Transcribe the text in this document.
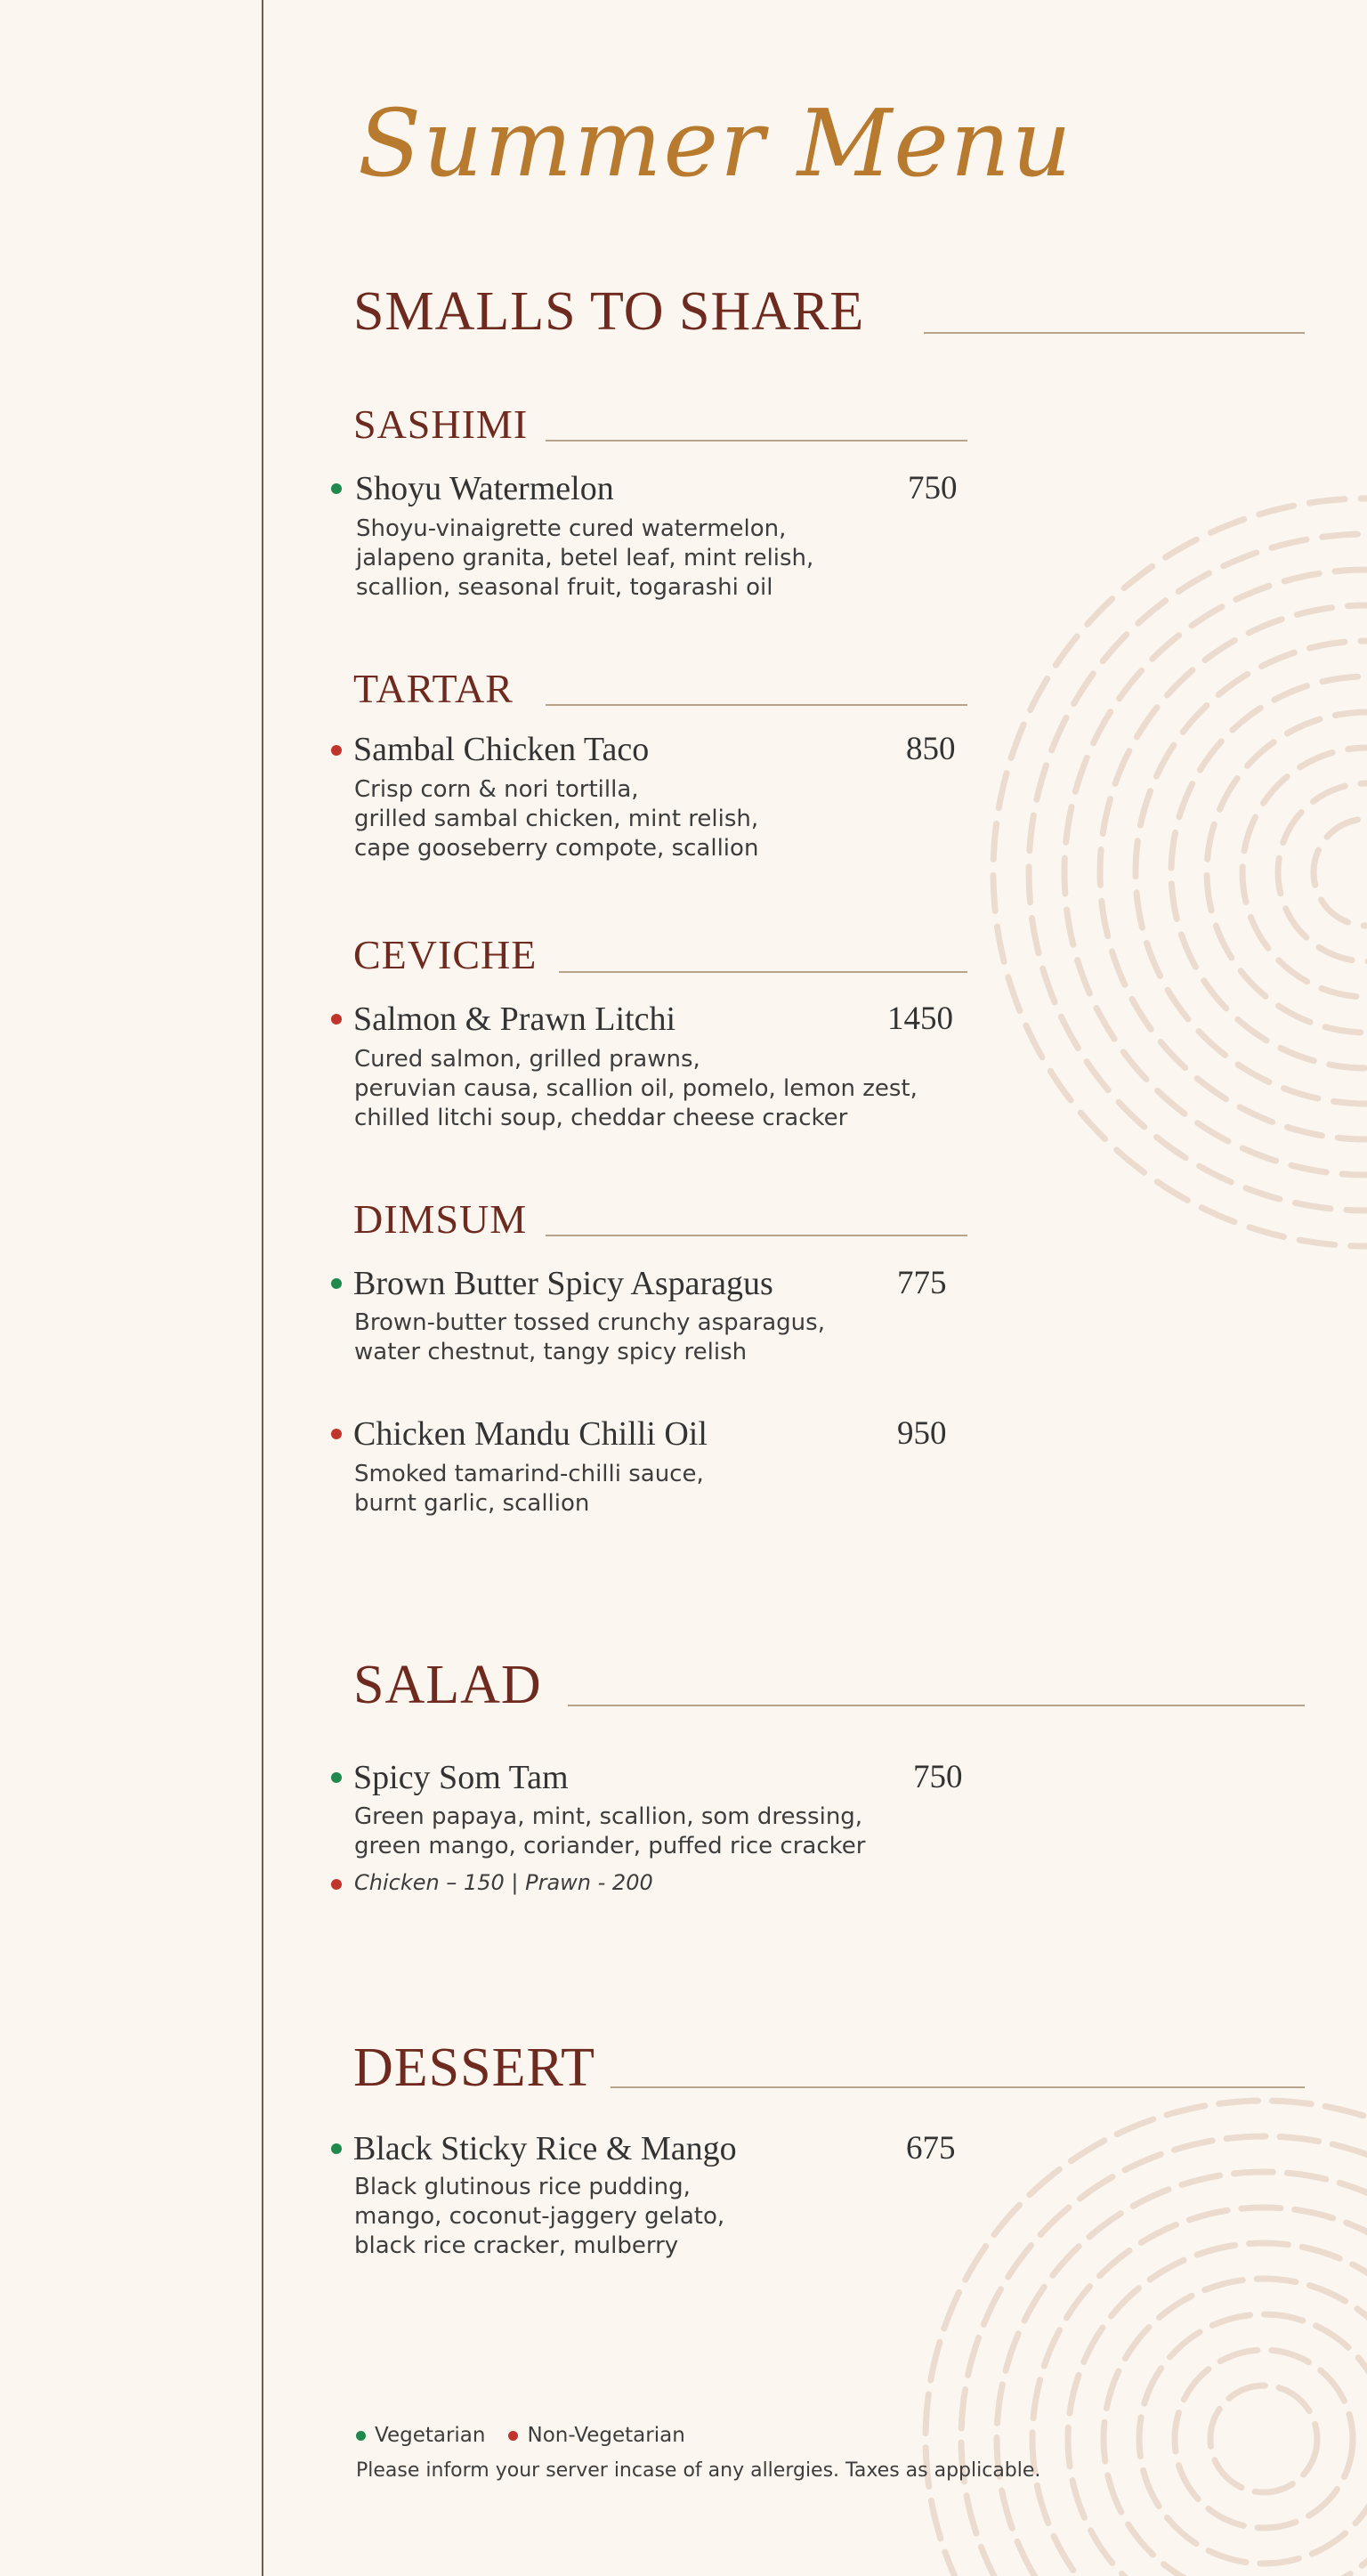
Summer Menu
SMALLS TO SHARE
SASHIMI
Shoyu Watermelon	750
Shoyu-vinaigrette cured watermelon,
jalapeno granita, betel leaf, mint relish,
scallion, seasonal fruit, togarashi oil
TARTAR
Sambal Chicken Taco	850
Crisp corn & nori tortilla,
grilled sambal chicken, mint relish,
cape gooseberry compote, scallion
CEVICHE
Salmon & Prawn Litchi	1450
Cured salmon, grilled prawns,
peruvian causa, scallion oil, pomelo, lemon zest,
chilled litchi soup, cheddar cheese cracker
DIMSUM
Brown Butter Spicy Asparagus	775
Brown-butter tossed crunchy asparagus,
water chestnut, tangy spicy relish
Chicken Mandu Chilli Oil	950
Smoked tamarind-chilli sauce,
burnt garlic, scallion
SALAD
Spicy Som Tam	750
Green papaya, mint, scallion, som dressing,
green mango, coriander, puffed rice cracker
Chicken – 150 | Prawn - 200
DESSERT
Black Sticky Rice & Mango	675
Black glutinous rice pudding,
mango, coconut-jaggery gelato,
black rice cracker, mulberry
Vegetarian Non-Vegetarian
Please inform your server incase of any allergies. Taxes as applicable.
